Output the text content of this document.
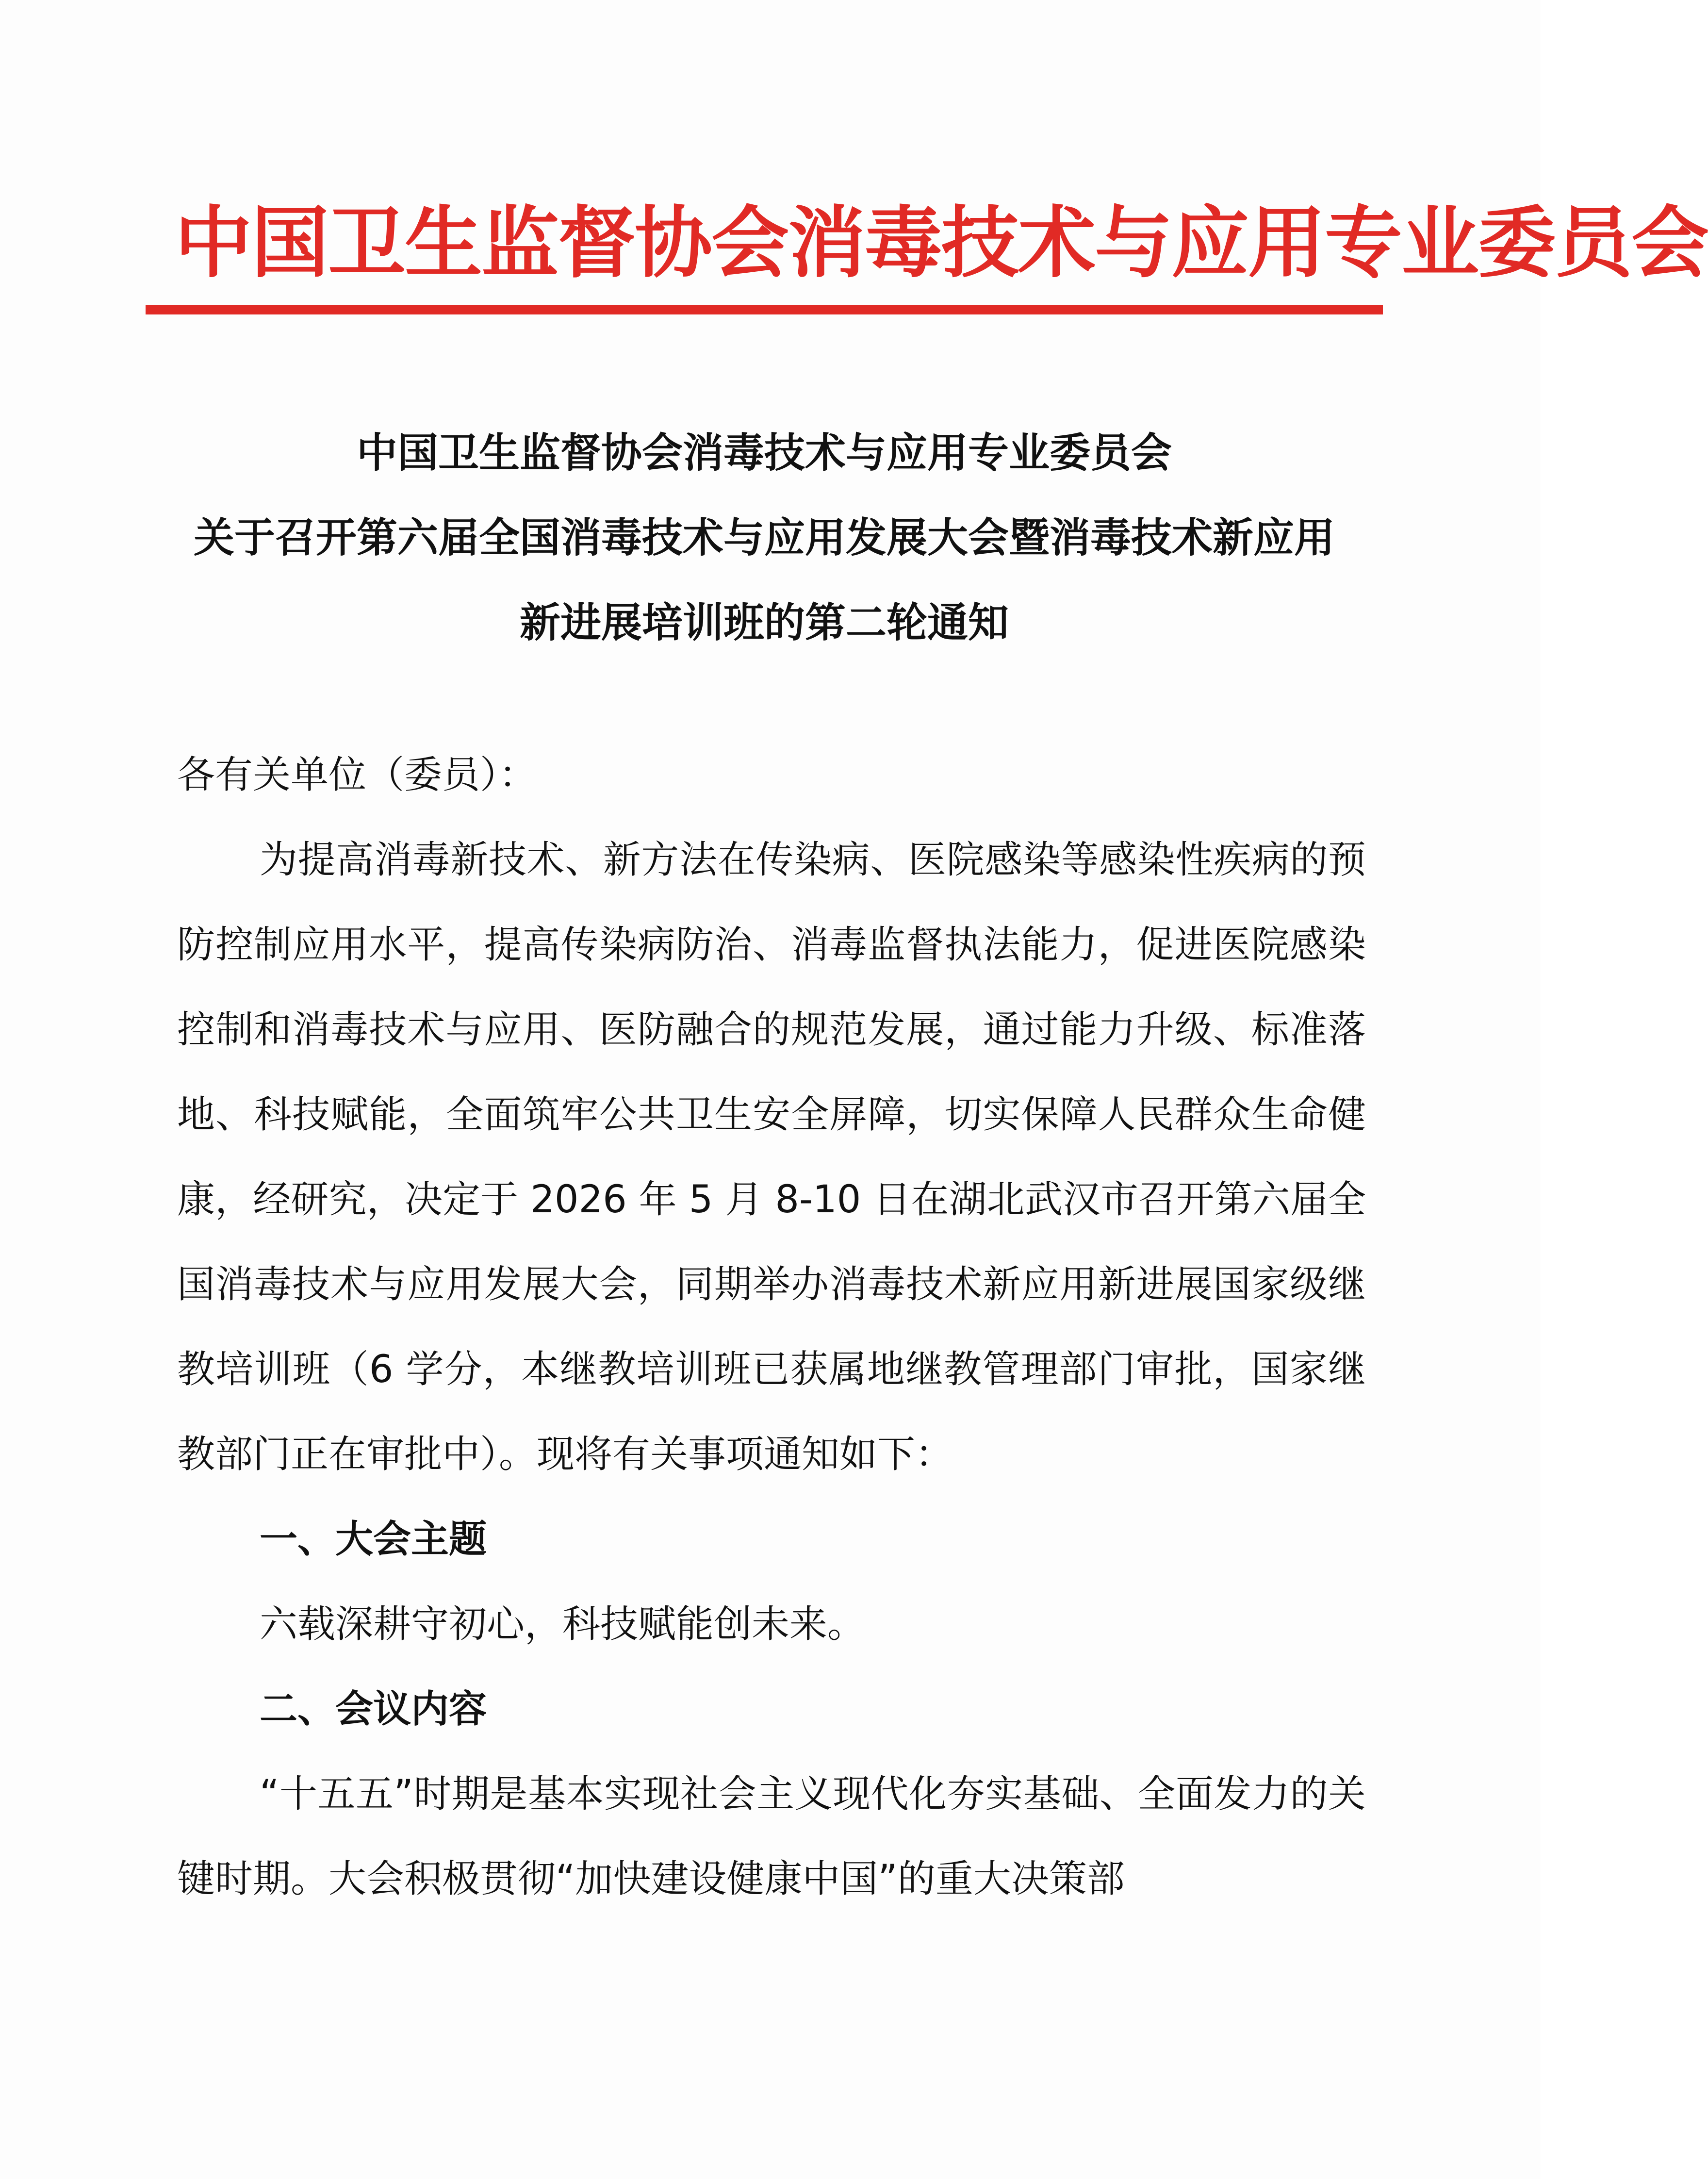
中国卫生监督协会消毒技术与应用专业委员会
中国卫生监督协会消毒技术与应用专业委员会
关于召开第六届全国消毒技术与应用发展大会暨消毒技术新应用
新进展培训班的第二轮通知

各有关单位（委员）：

为提高消毒新技术、新方法在传染病、医院感染等感染性疾病的预防控制应用水平，提高传染病防治、消毒监督执法能力，促进医院感染控制和消毒技术与应用、医防融合的规范发展，通过能力升级、标准落地、科技赋能，全面筑牢公共卫生安全屏障，切实保障人民群众生命健康，经研究，决定于 2026 年 5 月 8-10 日在湖北武汉市召开第六届全国消毒技术与应用发展大会，同期举办消毒技术新应用新进展国家级继教培训班（6 学分，本继教培训班已获属地继教管理部门审批，国家继教部门正在审批中）。现将有关事项通知如下：

一、大会主题

六载深耕守初心，科技赋能创未来。

二、会议内容

“十五五”时期是基本实现社会主义现代化夯实基础、全面发力的关键时期。大会积极贯彻“加快建设健康中国”的重大决策部
